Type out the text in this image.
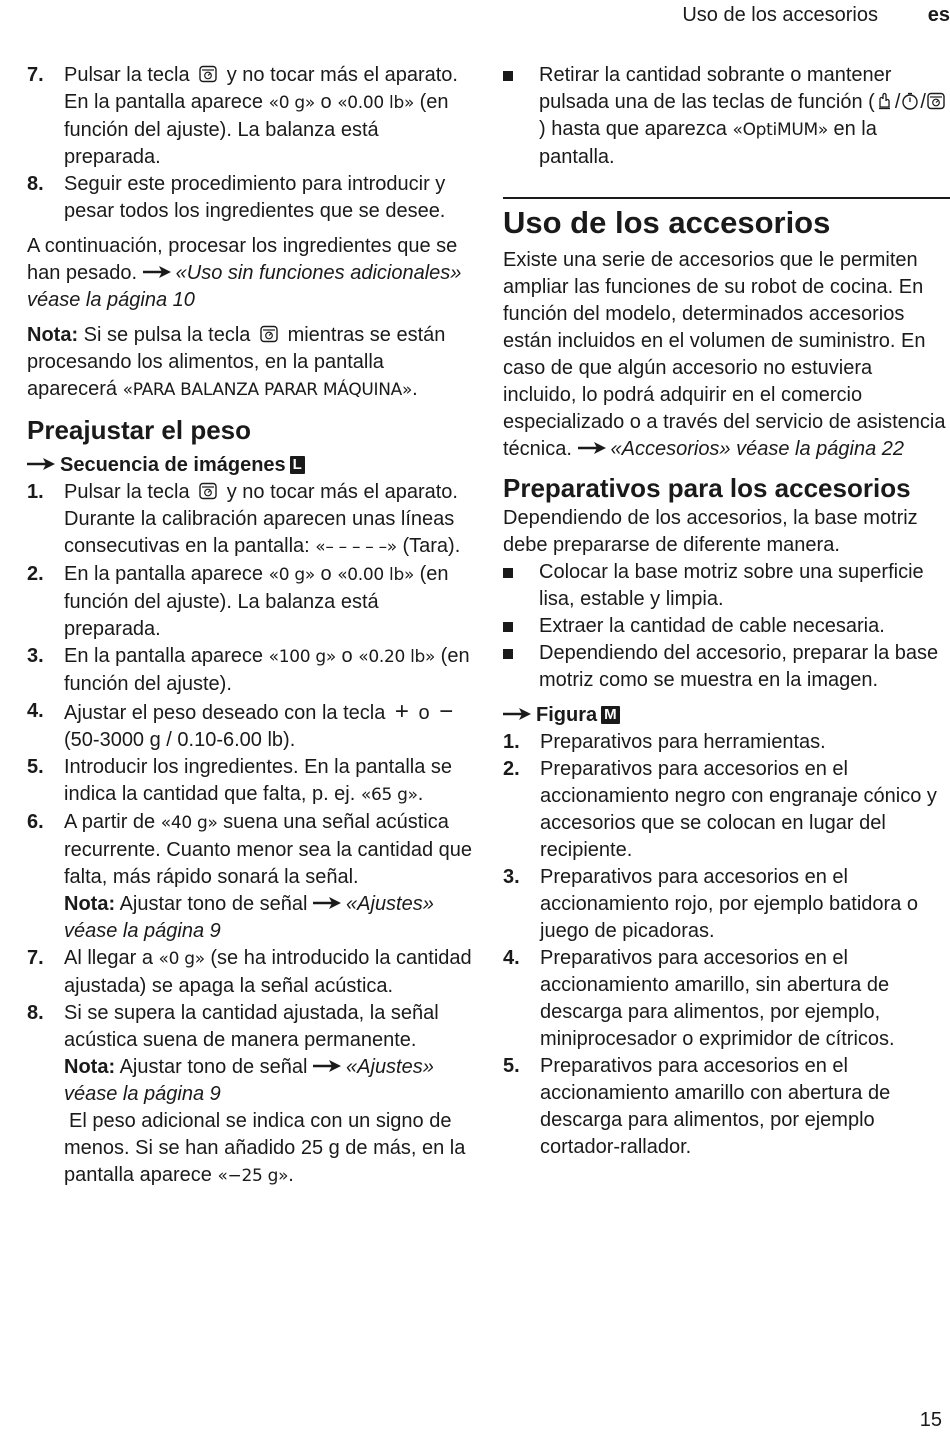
Uso de los accesorios es

7. Pulsar la tecla y no tocar más el aparato. En la pantalla aparece «0 g» o «0.00 lb» (en función del ajuste). La balanza está preparada.

8. Seguir este procedimiento para introducir y pesar todos los ingredientes que se desee.

A continuación, procesar los ingredientes que se han pesado. «Uso sin funciones adicionales» véase la página 10

Nota: Si se pulsa la tecla mientras se están procesando los alimentos, en la pantalla aparecerá «PARA BALANZA PARAR MÁQUINA».

Preajustar el peso

Secuencia de imágenes L

1. Pulsar la tecla y no tocar más el aparato. Durante la calibración aparecen unas líneas consecutivas en la pantalla: «– – – – –» (Tara).

2. En la pantalla aparece «0 g» o «0.00 lb» (en función del ajuste). La balanza está preparada.

3. En la pantalla aparece «100 g» o «0.20 lb» (en función del ajuste).

4. Ajustar el peso deseado con la tecla + o − (50-3000 g / 0.10-6.00 lb).

5. Introducir los ingredientes. En la pantalla se indica la cantidad que falta, p. ej. «65 g».

6. A partir de «40 g» suena una señal acústica recurrente. Cuanto menor sea la cantidad que falta, más rápido sonará la señal.
Nota: Ajustar tono de señal «Ajustes» véase la página 9

7. Al llegar a «0 g» (se ha introducido la cantidad ajustada) se apaga la señal acústica.

8. Si se supera la cantidad ajustada, la señal acústica suena de manera permanente.
Nota: Ajustar tono de señal «Ajustes» véase la página 9
El peso adicional se indica con un signo de menos. Si se han añadido 25 g de más, en la pantalla aparece «−25 g».

Retirar la cantidad sobrante o mantener pulsada una de las teclas de función ( / /) hasta que aparezca «OptiMUM» en la pantalla.

Uso de los accesorios

Existe una serie de accesorios que le permiten ampliar las funciones de su robot de cocina. En función del modelo, determinados accesorios están incluidos en el volumen de suministro. En caso de que algún accesorio no estuviera incluido, lo podrá adquirir en el comercio especializado o a través del servicio de asistencia técnica. «Accesorios» véase la página 22

Preparativos para los accesorios

Dependiendo de los accesorios, la base motriz debe prepararse de diferente manera.

Colocar la base motriz sobre una superficie lisa, estable y limpia.

Extraer la cantidad de cable necesaria.

Dependiendo del accesorio, preparar la base motriz como se muestra en la imagen.

Figura M

1. Preparativos para herramientas.

2. Preparativos para accesorios en el accionamiento negro con engranaje cónico y accesorios que se colocan en lugar del recipiente.

3. Preparativos para accesorios en el accionamiento rojo, por ejemplo batidora o juego de picadoras.

4. Preparativos para accesorios en el accionamiento amarillo, sin abertura de descarga para alimentos, por ejemplo, miniprocesador o exprimidor de cítricos.

5. Preparativos para accesorios en el accionamiento amarillo con abertura de descarga para alimentos, por ejemplo cortador-rallador.

15
